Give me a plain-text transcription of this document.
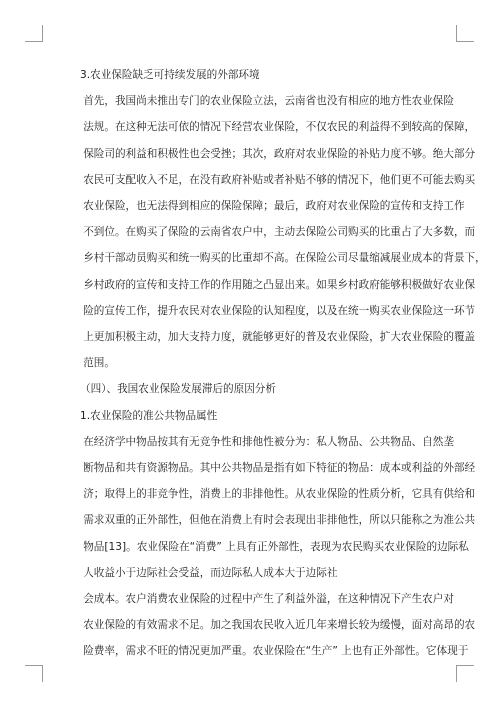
3.农业保险缺乏可持续发展的外部环境

首先，我国尚未推出专门的农业保险立法，云南省也没有相应的地方性农业保险
法规。在这种无法可依的情况下经营农业保险，不仅农民的利益得不到较高的保障，
保险司的利益和积极性也会受挫；其次，政府对农业保险的补贴力度不够。绝大部分
农民可支配收入不足，在没有政府补贴或者补贴不够的情况下，他们更不可能去购买
农业保险，也无法得到相应的保险保障；最后，政府对农业保险的宣传和支持工作
不到位。在购买了保险的云南省农户中，主动去保险公司购买的比重占了大多数，而
乡村干部动员购买和统一购买的比重却不高。在保险公司尽量缩减展业成本的背景下，
乡村政府的宣传和支持工作的作用随之凸显出来。如果乡村政府能够积极做好农业保
险的宣传工作，提升农民对农业保险的认知程度，以及在统一购买农业保险这一环节
上更加积极主动，加大支持力度，就能够更好的普及农业保险，扩大农业保险的覆盖
范围。

（四）、我国农业保险发展滞后的原因分析

1.农业保险的准公共物品属性

在经济学中物品按其有无竞争性和排他性被分为：私人物品、公共物品、自然垄
断物品和共有资源物品。其中公共物品是指有如下特征的物品：成本或利益的外部经
济；取得上的非竞争性，消费上的非排他性。从农业保险的性质分析，它具有供给和
需求双重的正外部性，但他在消费上有时会表现出非排他性，所以只能称之为准公共
物品[13]。农业保险在“消费” 上具有正外部性，表现为农民购买农业保险的边际私
人收益小于边际社会受益，而边际私人成本大于边际社

会成本。农户消费农业保险的过程中产生了利益外溢，在这种情况下产生农户对
农业保险的有效需求不足。加之我国农民收入近几年来增长较为缓慢，面对高昂的农
险费率，需求不旺的情况更加严重。农业保险在“生产” 上也有正外部性。它体现于
